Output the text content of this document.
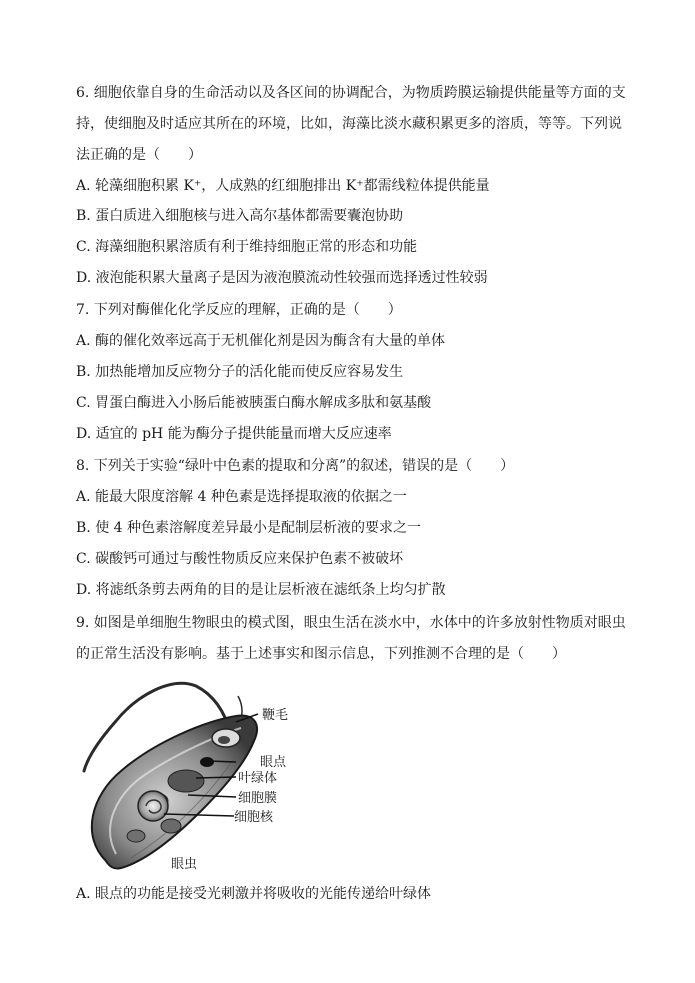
6. 细胞依靠自身的生命活动以及各区间的协调配合，为物质跨膜运输提供能量等方面的支
持，使细胞及时适应其所在的环境，比如，海藻比淡水藏积累更多的溶质，等等。下列说
法正确的是（　　）
A. 轮藻细胞积累 K⁺，人成熟的红细胞排出 K⁺都需线粒体提供能量
B. 蛋白质进入细胞核与进入高尔基体都需要囊泡协助
C. 海藻细胞积累溶质有利于维持细胞正常的形态和功能
D. 液泡能积累大量离子是因为液泡膜流动性较强而选择透过性较弱
7. 下列对酶催化化学反应的理解，正确的是（　　）
A. 酶的催化效率远高于无机催化剂是因为酶含有大量的单体
B. 加热能增加反应物分子的活化能而使反应容易发生
C. 胃蛋白酶进入小肠后能被胰蛋白酶水解成多肽和氨基酸
D. 适宜的 pH 能为酶分子提供能量而增大反应速率
8. 下列关于实验“绿叶中色素的提取和分离”的叙述，错误的是（　　）
A. 能最大限度溶解 4 种色素是选择提取液的依据之一
B. 使 4 种色素溶解度差异最小是配制层析液的要求之一
C. 碳酸钙可通过与酸性物质反应来保护色素不被破坏
D. 将滤纸条剪去两角的目的是让层析液在滤纸条上均匀扩散
9. 如图是单细胞生物眼虫的模式图，眼虫生活在淡水中，水体中的许多放射性物质对眼虫
的正常生活没有影响。基于上述事实和图示信息，下列推测不合理的是（　　）
鞭毛
眼点
叶绿体
细胞膜
细胞核
眼虫
A. 眼点的功能是接受光刺激并将吸收的光能传递给叶绿体
